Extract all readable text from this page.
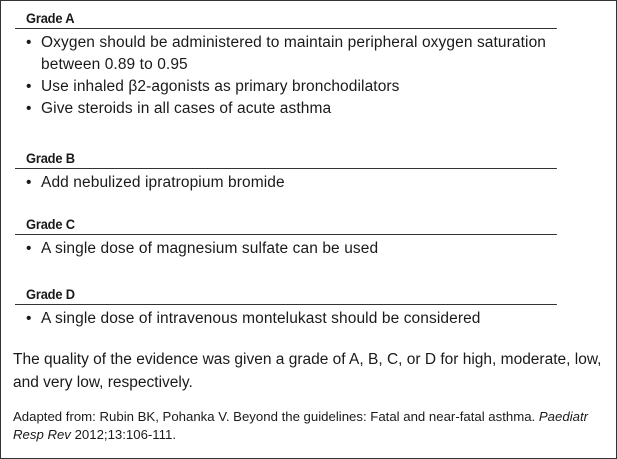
Grade A
• Oxygen should be administered to maintain peripheral oxygen saturation between 0.89 to 0.95
• Use inhaled β2-agonists as primary bronchodilators
• Give steroids in all cases of acute asthma
Grade B
• Add nebulized ipratropium bromide
Grade C
• A single dose of magnesium sulfate can be used
Grade D
• A single dose of intravenous montelukast should be considered
The quality of the evidence was given a grade of A, B, C, or D for high, moderate, low, and very low, respectively.
Adapted from: Rubin BK, Pohanka V. Beyond the guidelines: Fatal and near-fatal asthma. Paediatr Resp Rev 2012;13:106-111.
